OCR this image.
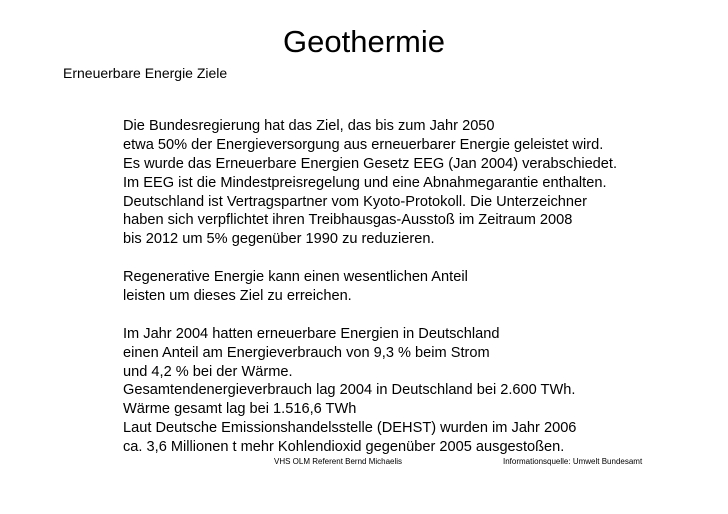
Geothermie
Erneuerbare Energie Ziele
Die Bundesregierung hat das Ziel, das bis zum Jahr 2050
etwa 50% der Energieversorgung aus erneuerbarer Energie geleistet wird.
Es wurde das Erneuerbare Energien Gesetz EEG (Jan 2004) verabschiedet.
Im EEG ist die Mindestpreisregelung und eine Abnahmegarantie enthalten.
Deutschland ist Vertragspartner vom Kyoto-Protokoll. Die Unterzeichner
haben sich verpflichtet ihren Treibhausgas-Ausstoß im Zeitraum 2008
bis 2012 um 5% gegenüber 1990 zu reduzieren.
Regenerative Energie kann einen wesentlichen Anteil
leisten um dieses Ziel zu erreichen.
Im Jahr 2004 hatten erneuerbare Energien in Deutschland
einen Anteil am Energieverbrauch von 9,3 % beim Strom
und 4,2 % bei der Wärme.
Gesamtendenergieverbrauch lag 2004 in Deutschland bei 2.600 TWh.
Wärme gesamt lag bei 1.516,6 TWh
Laut Deutsche Emissionshandelsstelle (DEHST) wurden im Jahr 2006
ca. 3,6 Millionen t mehr Kohlendioxid gegenüber 2005 ausgestoßen.
VHS OLM Referent Bernd Michaelis	Informationsquelle: Umwelt Bundesamt
